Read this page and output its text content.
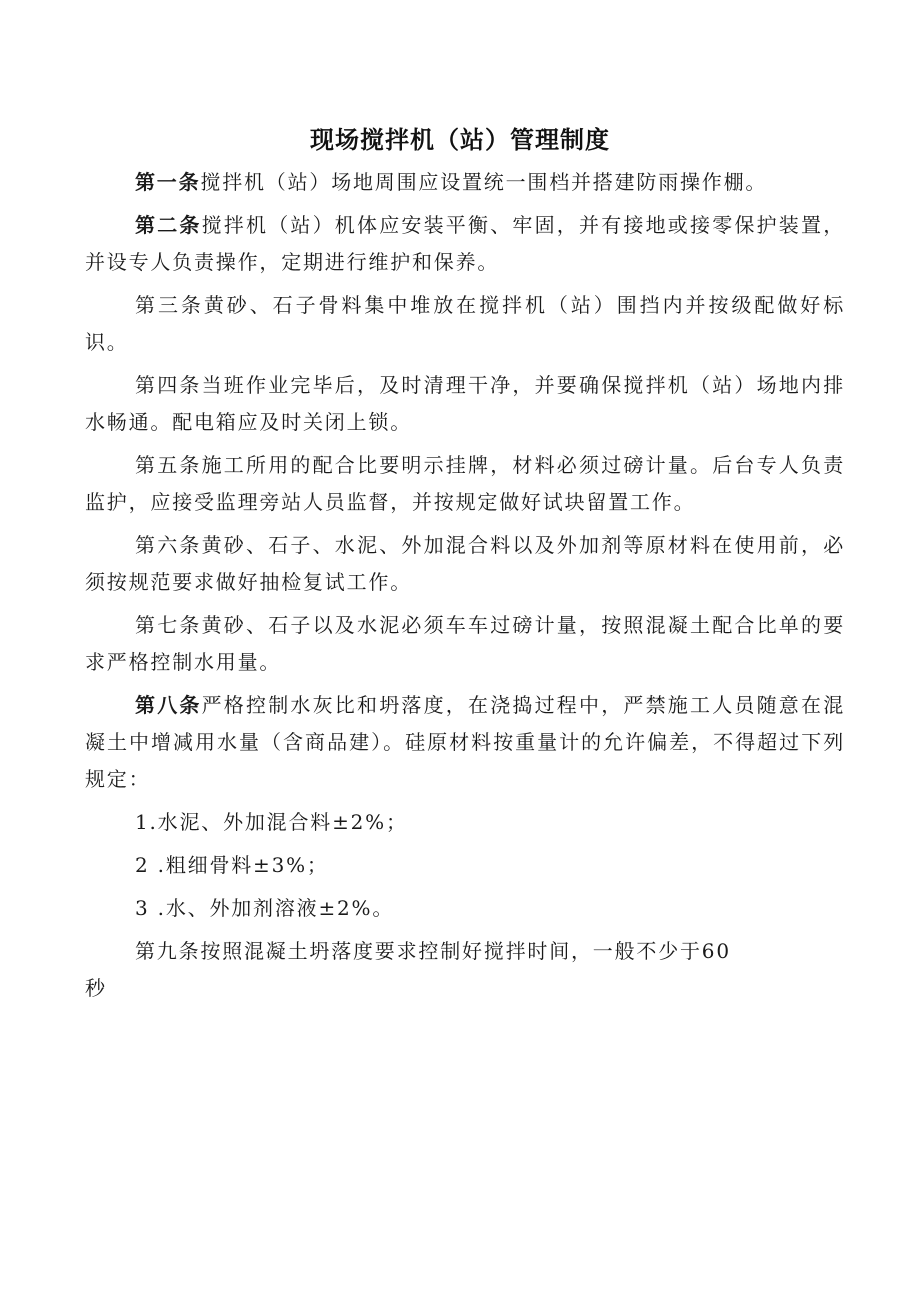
现场搅拌机（站）管理制度

第一条搅拌机（站）场地周围应设置统一围档并搭建防雨操作棚。

第二条搅拌机（站）机体应安装平衡、牢固，并有接地或接零保护装置，并设专人负责操作，定期进行维护和保养。

第三条黄砂、石子骨料集中堆放在搅拌机（站）围挡内并按级配做好标识。

第四条当班作业完毕后，及时清理干净，并要确保搅拌机（站）场地内排水畅通。配电箱应及时关闭上锁。

第五条施工所用的配合比要明示挂牌，材料必须过磅计量。后台专人负责监护，应接受监理旁站人员监督，并按规定做好试块留置工作。

第六条黄砂、石子、水泥、外加混合料以及外加剂等原材料在使用前，必须按规范要求做好抽检复试工作。

第七条黄砂、石子以及水泥必须车车过磅计量，按照混凝土配合比单的要求严格控制水用量。

第八条严格控制水灰比和坍落度，在浇捣过程中，严禁施工人员随意在混凝土中增减用水量（含商品建）。硅原材料按重量计的允许偏差，不得超过下列规定：

1.水泥、外加混合料±2%；

2 .粗细骨料±3%；

3 .水、外加剂溶液±2%。

第九条按照混凝土坍落度要求控制好搅拌时间，一般不少于60

秒
